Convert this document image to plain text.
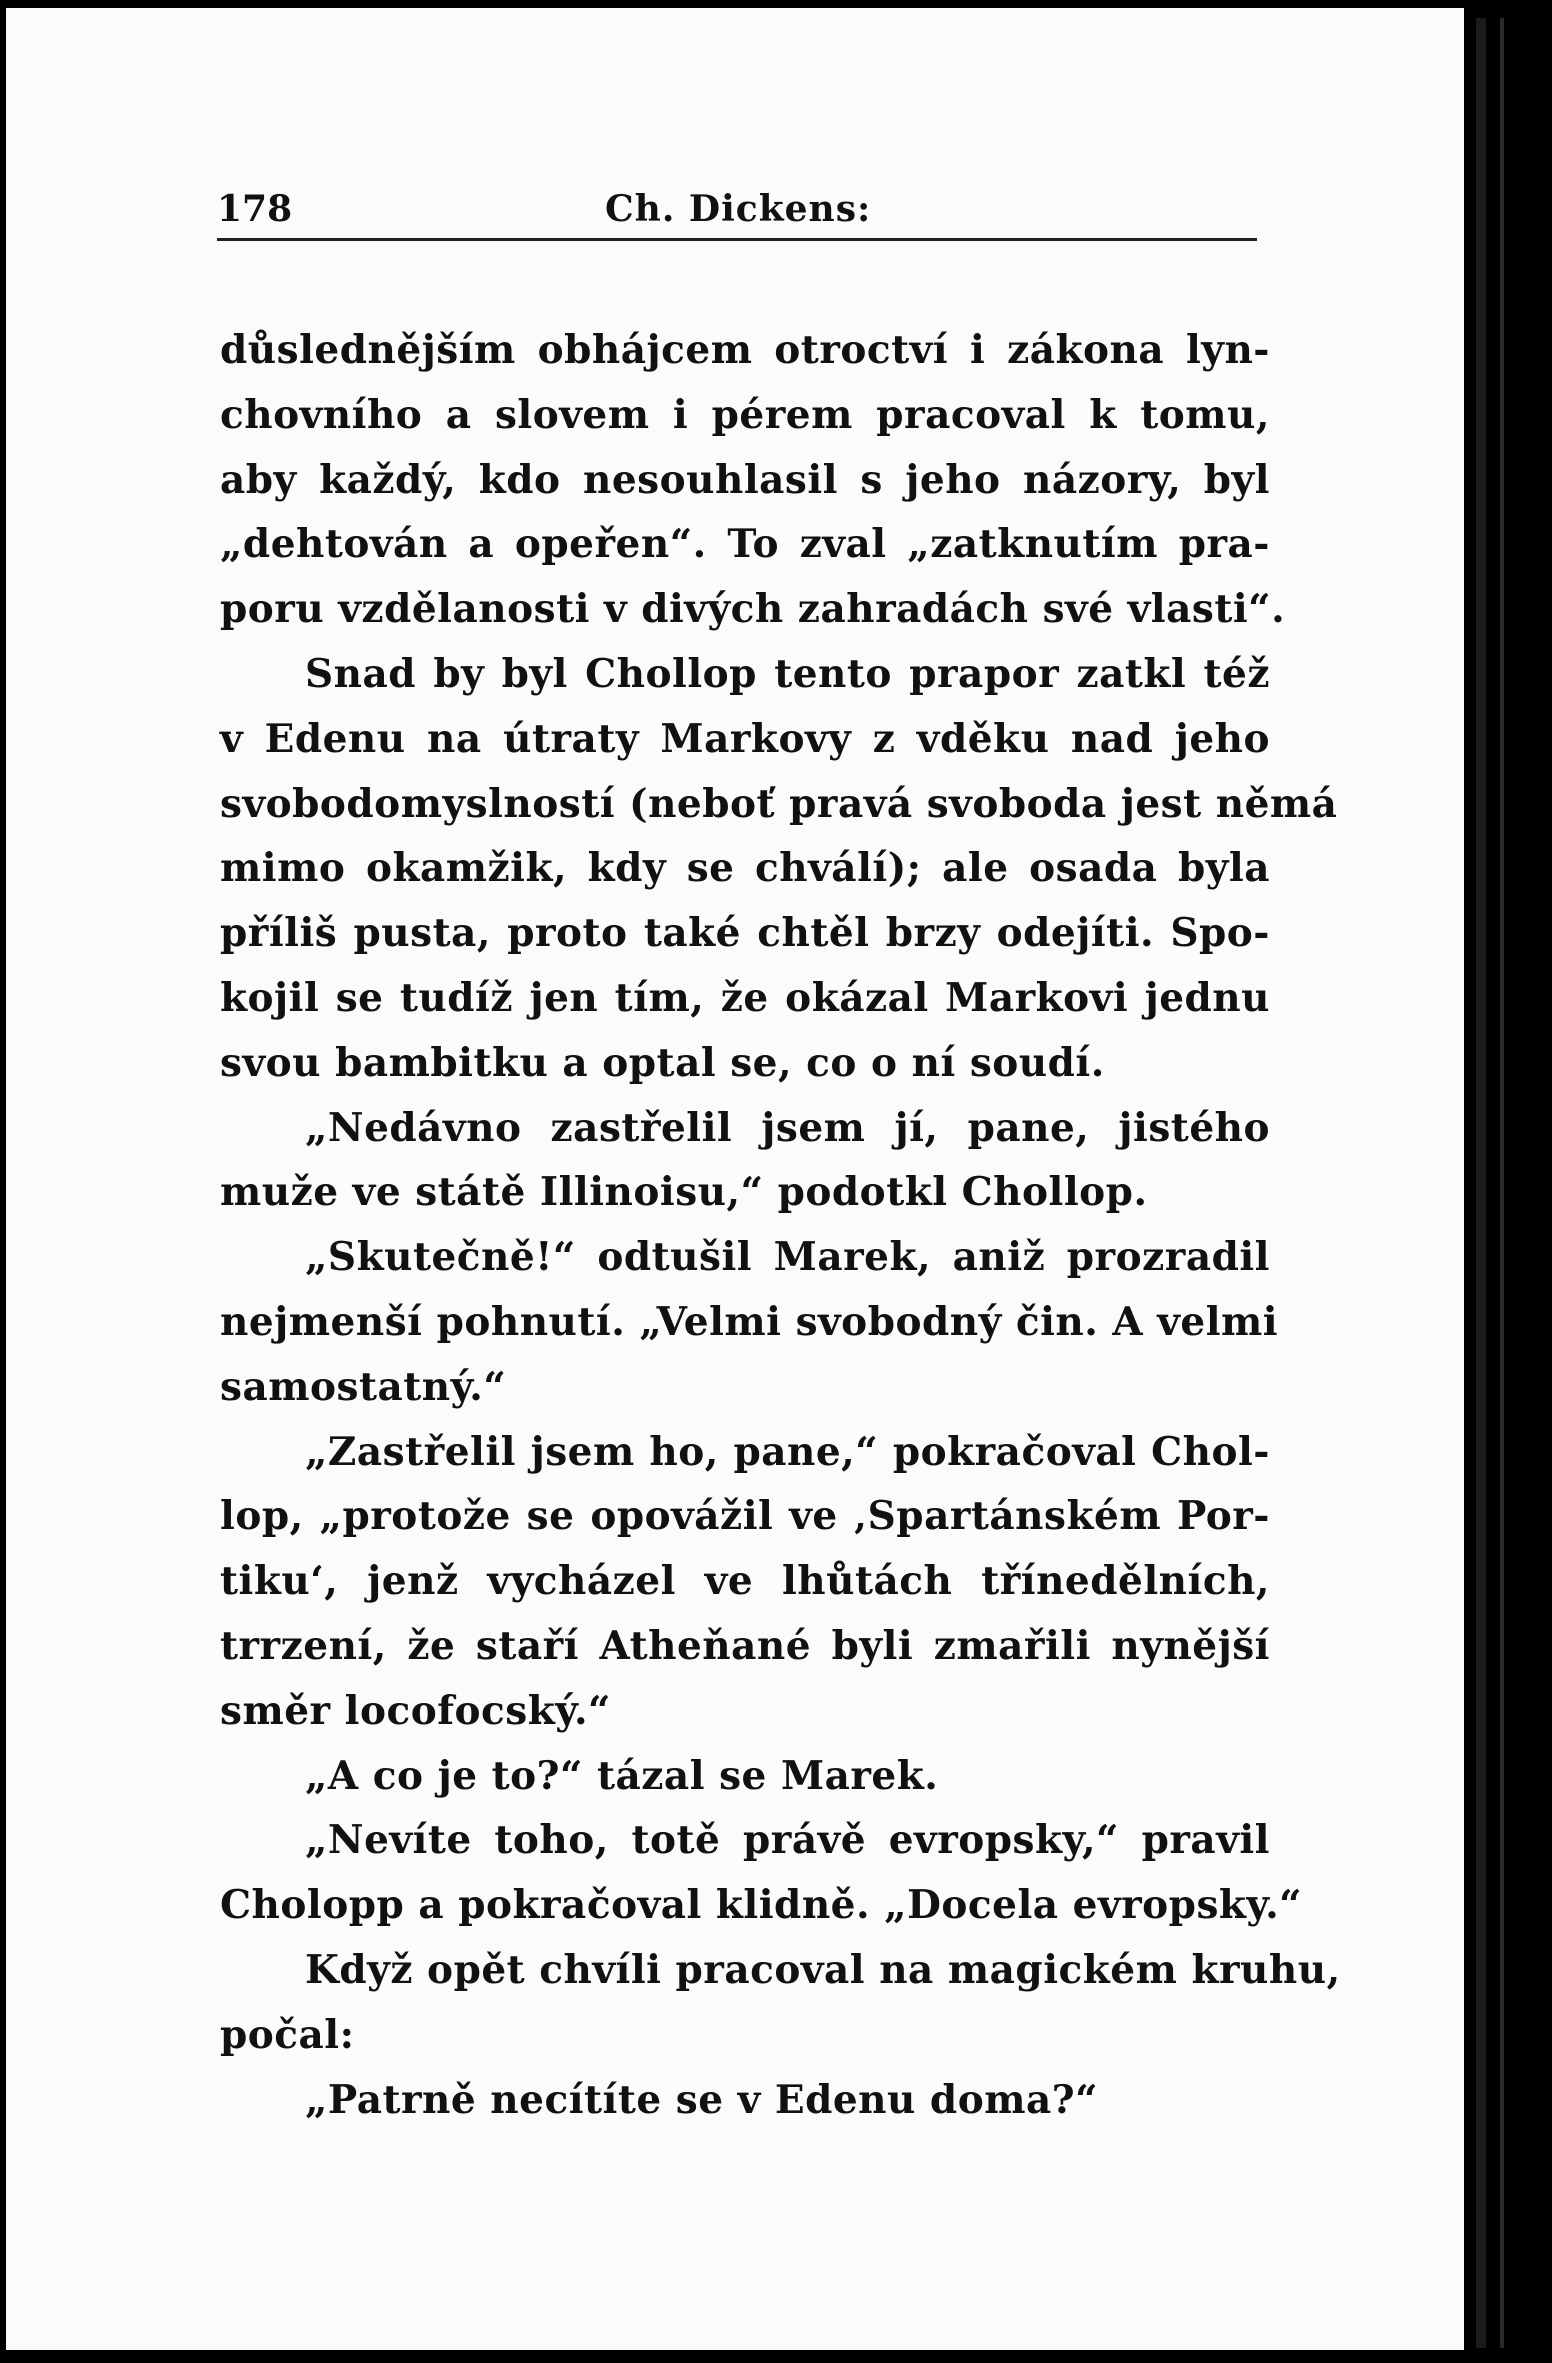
178	Ch. Dickens:
důslednějším obhájcem otroctví i zákona lyn-
chovního a slovem i pérem pracoval k tomu,
aby každý, kdo nesouhlasil s jeho názory, byl
„dehtován a opeřen“. To zval „zatknutím pra-
poru vzdělanosti v divých zahradách své vlasti“.
Snad by byl Chollop tento prapor zatkl též
v Edenu na útraty Markovy z vděku nad jeho
svobodomyslností (neboť pravá svoboda jest němá
mimo okamžik, kdy se chválí); ale osada byla
příliš pusta, proto také chtěl brzy odejíti. Spo-
kojil se tudíž jen tím, že okázal Markovi jednu
svou bambitku a optal se, co o ní soudí.
„Nedávno zastřelil jsem jí, pane, jistého
muže ve státě Illinoisu,“ podotkl Chollop.
„Skutečně!“ odtušil Marek, aniž prozradil
nejmenší pohnutí. „Velmi svobodný čin. A velmi
samostatný.“
„Zastřelil jsem ho, pane,“ pokračoval Chol-
lop, „protože se opovážil ve ‚Spartánském Por-
tiku‘, jenž vycházel ve lhůtách třínedělních,
trrzení, že staří Atheňané byli zmařili nynější
směr locofocský.“
„A co je to?“ tázal se Marek.
„Nevíte toho, totě právě evropsky,“ pravil
Cholopp a pokračoval klidně. „Docela evropsky.“
Když opět chvíli pracoval na magickém kruhu,
počal:
„Patrně necítíte se v Edenu doma?“
